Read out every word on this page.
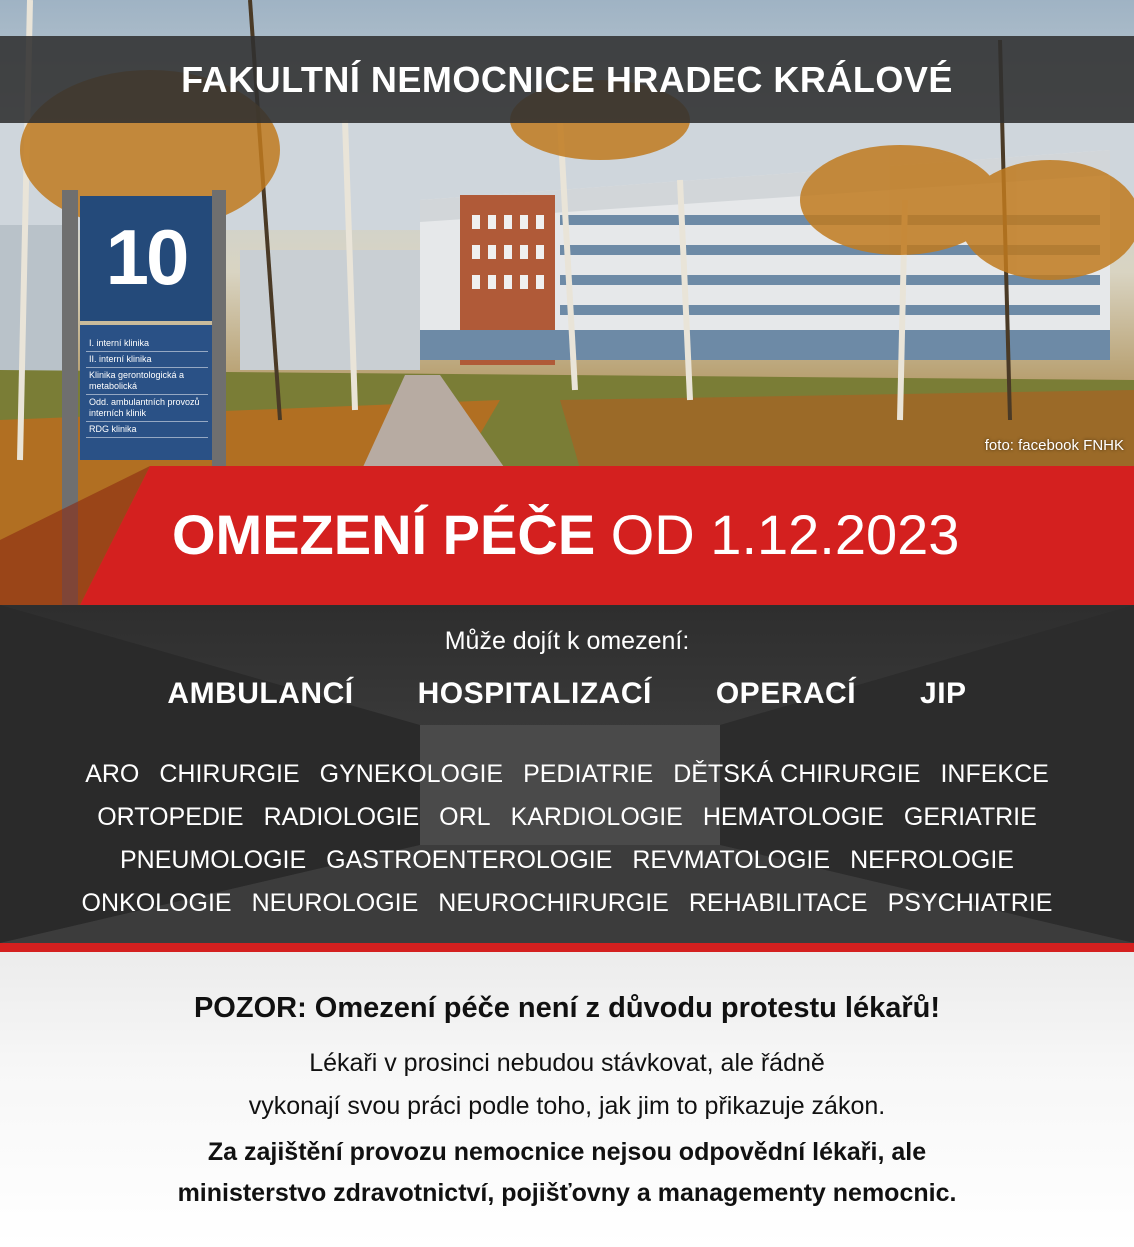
10
I. interní klinika
II. interní klinika
Klinika gerontologická a metabolická
Odd. ambulantních provozů interních klinik
RDG klinika
FAKULTNÍ NEMOCNICE HRADEC KRÁLOVÉ
foto: facebook FNHK
OMEZENÍ PÉČE OD 1.12.2023
Může dojít k omezení:
AMBULANCÍ HOSPITALIZACÍ OPERACÍ JIP
ARO CHIRURGIE GYNEKOLOGIE PEDIATRIE DĚTSKÁ CHIRURGIE INFEKCE
ORTOPEDIE RADIOLOGIE ORL KARDIOLOGIE HEMATOLOGIE GERIATRIE
PNEUMOLOGIE GASTROENTEROLOGIE REVMATOLOGIE NEFROLOGIE
ONKOLOGIE NEUROLOGIE NEUROCHIRURGIE REHABILITACE PSYCHIATRIE
POZOR: Omezení péče není z důvodu protestu lékařů!
Lékaři v prosinci nebudou stávkovat, ale řádně
vykonají svou práci podle toho, jak jim to přikazuje zákon.
Za zajištění provozu nemocnice nejsou odpovědní lékaři, ale
ministerstvo zdravotnictví, pojišťovny a managementy nemocnic.
